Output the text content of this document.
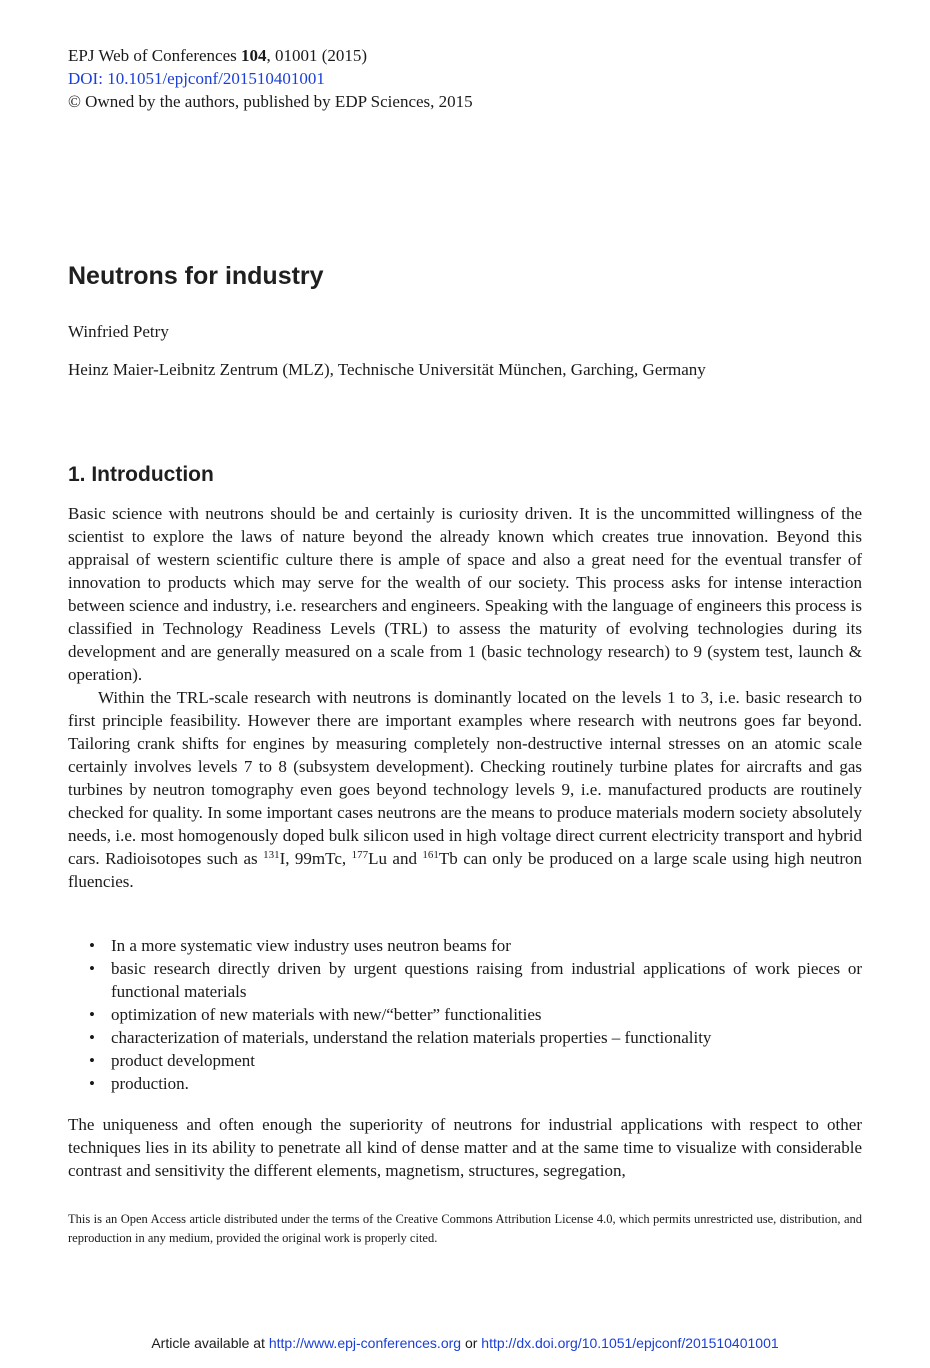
EPJ Web of Conferences 104, 01001 (2015)
DOI: 10.1051/epjconf/201510401001
© Owned by the authors, published by EDP Sciences, 2015
Neutrons for industry
Winfried Petry
Heinz Maier-Leibnitz Zentrum (MLZ), Technische Universität München, Garching, Germany
1. Introduction
Basic science with neutrons should be and certainly is curiosity driven. It is the uncommitted willingness of the scientist to explore the laws of nature beyond the already known which creates true innovation. Beyond this appraisal of western scientific culture there is ample of space and also a great need for the eventual transfer of innovation to products which may serve for the wealth of our society. This process asks for intense interaction between science and industry, i.e. researchers and engineers. Speaking with the language of engineers this process is classified in Technology Readiness Levels (TRL) to assess the maturity of evolving technologies during its development and are generally measured on a scale from 1 (basic technology research) to 9 (system test, launch & operation).
Within the TRL-scale research with neutrons is dominantly located on the levels 1 to 3, i.e. basic research to first principle feasibility. However there are important examples where research with neutrons goes far beyond. Tailoring crank shifts for engines by measuring completely non-destructive internal stresses on an atomic scale certainly involves levels 7 to 8 (subsystem development). Checking routinely turbine plates for aircrafts and gas turbines by neutron tomography even goes beyond technology levels 9, i.e. manufactured products are routinely checked for quality. In some important cases neutrons are the means to produce materials modern society absolutely needs, i.e. most homogenously doped bulk silicon used in high voltage direct current electricity transport and hybrid cars. Radioisotopes such as $^{131}$I, 99mTc, $^{177}$Lu and $^{161}$Tb can only be produced on a large scale using high neutron fluencies.
• In a more systematic view industry uses neutron beams for
• basic research directly driven by urgent questions raising from industrial applications of work pieces or functional materials
• optimization of new materials with new/“better” functionalities
• characterization of materials, understand the relation materials properties – functionality
• product development
• production.
The uniqueness and often enough the superiority of neutrons for industrial applications with respect to other techniques lies in its ability to penetrate all kind of dense matter and at the same time to visualize with considerable contrast and sensitivity the different elements, magnetism, structures, segregation,
This is an Open Access article distributed under the terms of the Creative Commons Attribution License 4.0, which permits unrestricted use, distribution, and reproduction in any medium, provided the original work is properly cited.
Article available at http://www.epj-conferences.org or http://dx.doi.org/10.1051/epjconf/201510401001
